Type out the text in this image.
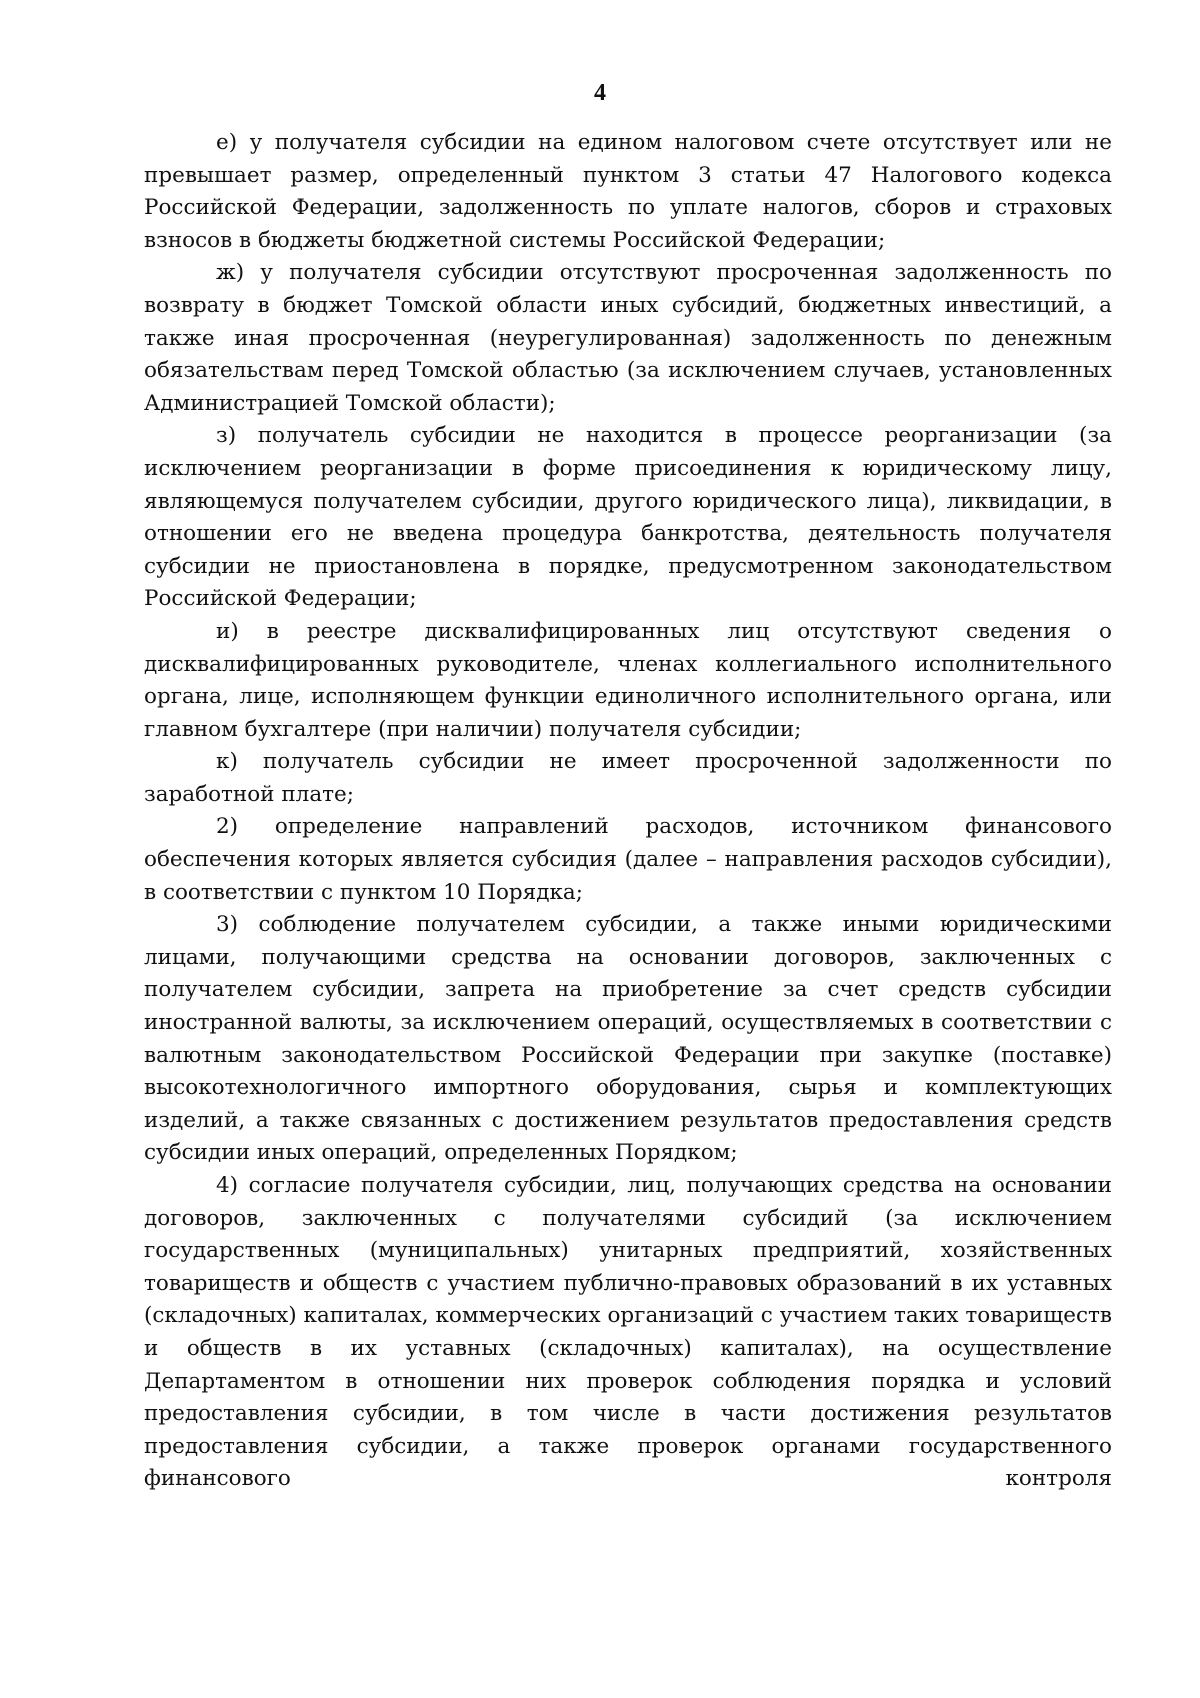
4

е) у получателя субсидии на едином налоговом счете отсутствует или не превышает размер, определенный пунктом 3 статьи 47 Налогового кодекса Российской Федерации, задолженность по уплате налогов, сборов и страховых взносов в бюджеты бюджетной системы Российской Федерации;

ж) у получателя субсидии отсутствуют просроченная задолженность по возврату в бюджет Томской области иных субсидий, бюджетных инвестиций, а также иная просроченная (неурегулированная) задолженность по денежным обязательствам перед Томской областью (за исключением случаев, установленных Администрацией Томской области);

з) получатель субсидии не находится в процессе реорганизации (за исключением реорганизации в форме присоединения к юридическому лицу, являющемуся получателем субсидии, другого юридического лица), ликвидации, в отношении его не введена процедура банкротства, деятельность получателя субсидии не приостановлена в порядке, предусмотренном законодательством Российской Федерации;

и) в реестре дисквалифицированных лиц отсутствуют сведения о дисквалифицированных руководителе, членах коллегиального исполнительного органа, лице, исполняющем функции единоличного исполнительного органа, или главном бухгалтере (при наличии) получателя субсидии;

к) получатель субсидии не имеет просроченной задолженности по заработной плате;

2) определение направлений расходов, источником финансового обеспечения которых является субсидия (далее – направления расходов субсидии), в соответствии с пунктом 10 Порядка;

3) соблюдение получателем субсидии, а также иными юридическими лицами, получающими средства на основании договоров, заключенных с получателем субсидии, запрета на приобретение за счет средств субсидии иностранной валюты, за исключением операций, осуществляемых в соответствии с валютным законодательством Российской Федерации при закупке (поставке) высокотехнологичного импортного оборудования, сырья и комплектующих изделий, а также связанных с достижением результатов предоставления средств субсидии иных операций, определенных Порядком;

4) согласие получателя субсидии, лиц, получающих средства на основании договоров, заключенных с получателями субсидий (за исключением государственных (муниципальных) унитарных предприятий, хозяйственных товариществ и обществ с участием публично-правовых образований в их уставных (складочных) капиталах, коммерческих организаций с участием таких товариществ и обществ в их уставных (складочных) капиталах), на осуществление Департаментом в отношении них проверок соблюдения порядка и условий предоставления субсидии, в том числе в части достижения результатов предоставления субсидии, а также проверок органами государственного финансового контроля
